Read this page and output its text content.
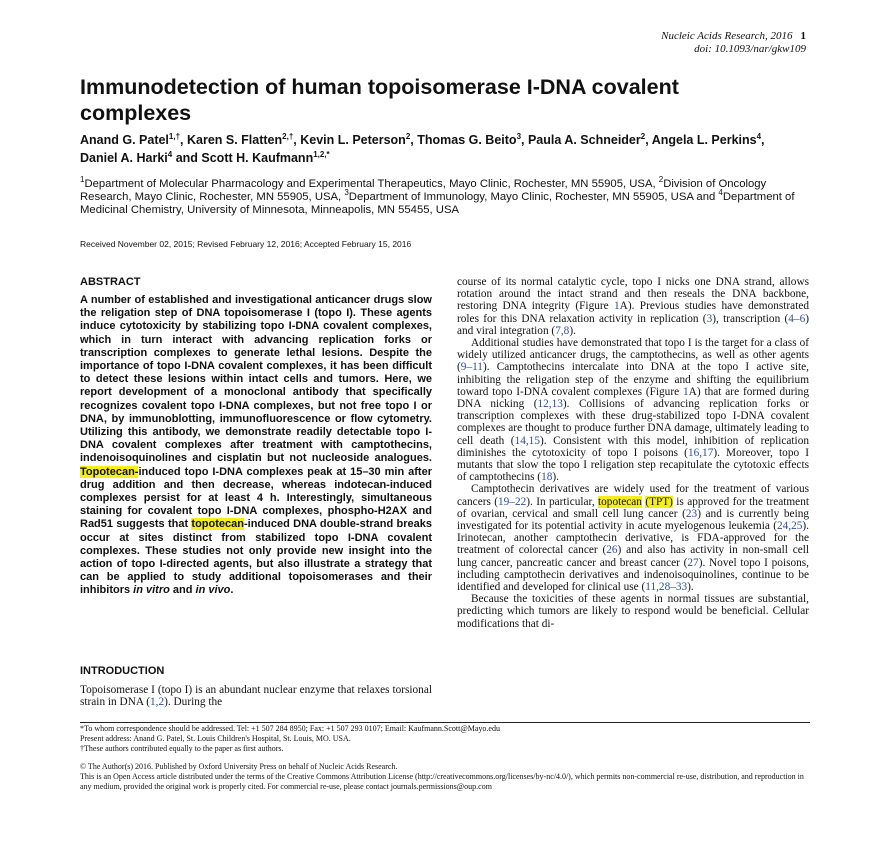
Nucleic Acids Research, 2016 1
doi: 10.1093/nar/gkw109
Immunodetection of human topoisomerase I-DNA covalent complexes
Anand G. Patel$^{1,\dagger}$, Karen S. Flatten$^{2,\dagger}$, Kevin L. Peterson$^2$, Thomas G. Beito$^3$, Paula A. Schneider$^2$, Angela L. Perkins$^4$, Daniel A. Harki$^4$ and Scott H. Kaufmann$^{1,2,*}$
$^1$Department of Molecular Pharmacology and Experimental Therapeutics, Mayo Clinic, Rochester, MN 55905, USA, $^2$Division of Oncology Research, Mayo Clinic, Rochester, MN 55905, USA, $^3$Department of Immunology, Mayo Clinic, Rochester, MN 55905, USA and $^4$Department of Medicinal Chemistry, University of Minnesota, Minneapolis, MN 55455, USA
Received November 02, 2015; Revised February 12, 2016; Accepted February 15, 2016
ABSTRACT
A number of established and investigational anticancer drugs slow the religation step of DNA topoisomerase I (topo I). These agents induce cytotoxicity by stabilizing topo I-DNA covalent complexes, which in turn interact with advancing replication forks or transcription complexes to generate lethal lesions. Despite the importance of topo I-DNA covalent complexes, it has been difficult to detect these lesions within intact cells and tumors. Here, we report development of a monoclonal antibody that specifically recognizes covalent topo I-DNA complexes, but not free topo I or DNA, by immunoblotting, immunofluorescence or flow cytometry. Utilizing this antibody, we demonstrate readily detectable topo I-DNA covalent complexes after treatment with camptothecins, indenoisoquinolines and cisplatin but not nucleoside analogues. Topotecan-induced topo I-DNA complexes peak at 15–30 min after drug addition and then decrease, whereas indotecan-induced complexes persist for at least 4 h. Interestingly, simultaneous staining for covalent topo I-DNA complexes, phospho-H2AX and Rad51 suggests that topotecan-induced DNA double-strand breaks occur at sites distinct from stabilized topo I-DNA covalent complexes. These studies not only provide new insight into the action of topo I-directed agents, but also illustrate a strategy that can be applied to study additional topoisomerases and their inhibitors in vitro and in vivo.
INTRODUCTION
Topoisomerase I (topo I) is an abundant nuclear enzyme that relaxes torsional strain in DNA (1,2). During the

course of its normal catalytic cycle, topo I nicks one DNA strand, allows rotation around the intact strand and then reseals the DNA backbone, restoring DNA integrity (Figure 1A). Previous studies have demonstrated roles for this DNA relaxation activity in replication (3), transcription (4–6) and viral integration (7,8).

Additional studies have demonstrated that topo I is the target for a class of widely utilized anticancer drugs, the camptothecins, as well as other agents (9–11). Camptothecins intercalate into DNA at the topo I active site, inhibiting the religation step of the enzyme and shifting the equilibrium toward topo I-DNA covalent complexes (Figure 1A) that are formed during DNA nicking (12,13). Collisions of advancing replication forks or transcription complexes with these drug-stabilized topo I-DNA covalent complexes are thought to produce further DNA damage, ultimately leading to cell death (14,15). Consistent with this model, inhibition of replication diminishes the cytotoxicity of topo I poisons (16,17). Moreover, topo I mutants that slow the topo I religation step recapitulate the cytotoxic effects of camptothecins (18).

Camptothecin derivatives are widely used for the treatment of various cancers (19–22). In particular, topotecan (TPT) is approved for the treatment of ovarian, cervical and small cell lung cancer (23) and is currently being investigated for its potential activity in acute myelogenous leukemia (24,25). Irinotecan, another camptothecin derivative, is FDA-approved for the treatment of colorectal cancer (26) and also has activity in non-small cell lung cancer, pancreatic cancer and breast cancer (27). Novel topo I poisons, including camptothecin derivatives and indenoisoquinolines, continue to be identified and developed for clinical use (11,28–33).

Because the toxicities of these agents in normal tissues are substantial, predicting which tumors are likely to respond would be beneficial. Cellular modifications that di-

*To whom correspondence should be addressed. Tel: +1 507 284 8950; Fax: +1 507 293 0107; Email: Kaufmann.Scott@Mayo.edu

Present address: Anand G. Patel, St. Louis Children's Hospital, St. Louis, MO. USA.

†These authors contributed equally to the paper as first authors.

© The Author(s) 2016. Published by Oxford University Press on behalf of Nucleic Acids Research.

This is an Open Access article distributed under the terms of the Creative Commons Attribution License (http://creativecommons.org/licenses/by-nc/4.0/), which permits non-commercial re-use, distribution, and reproduction in any medium, provided the original work is properly cited. For commercial re-use, please contact journals.permissions@oup.com
